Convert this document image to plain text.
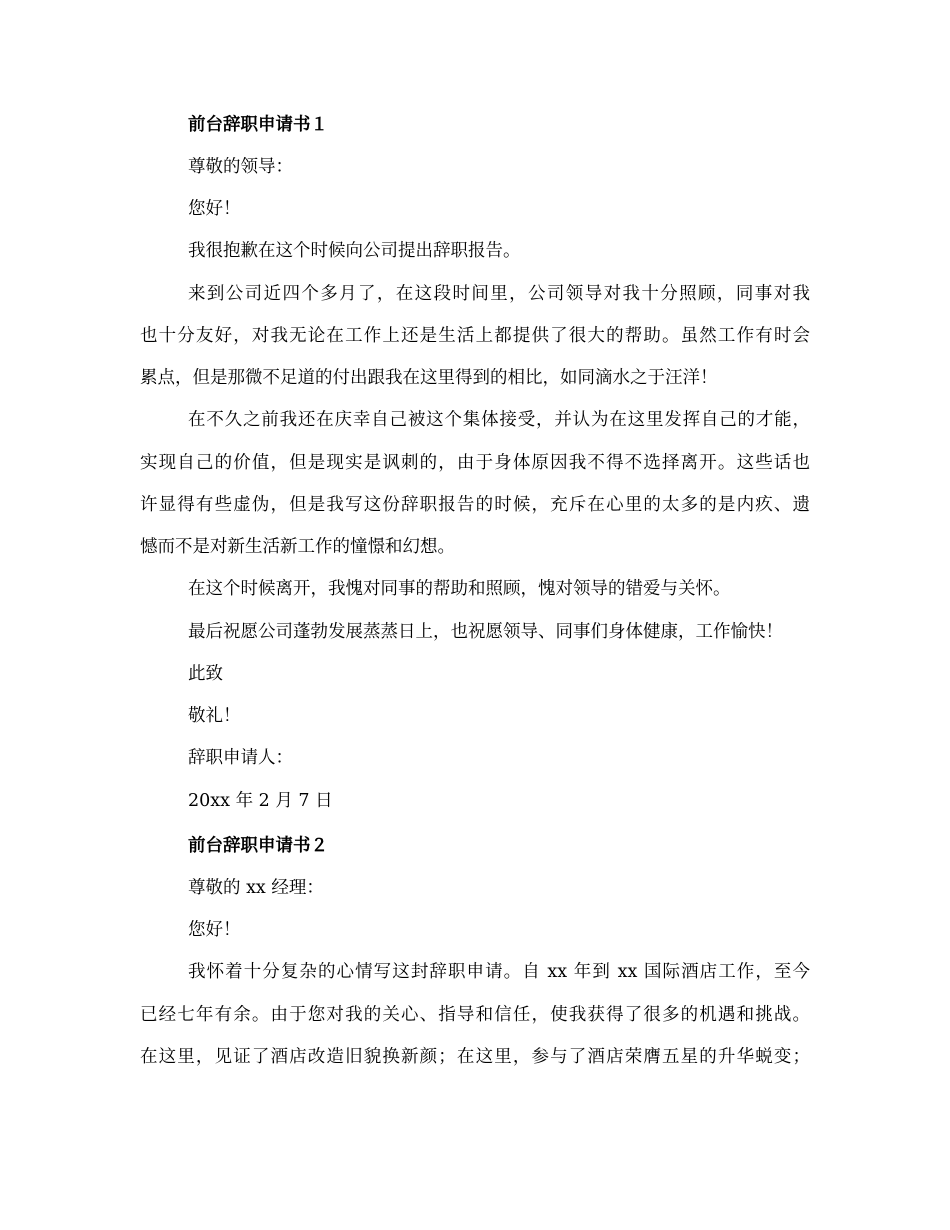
前台辞职申请书１
尊敬的领导：
您好！
我很抱歉在这个时候向公司提出辞职报告。
来到公司近四个多月了，在这段时间里，公司领导对我十分照顾，同事对我
也十分友好，对我无论在工作上还是生活上都提供了很大的帮助。虽然工作有时会
累点，但是那微不足道的付出跟我在这里得到的相比，如同滴水之于汪洋！
在不久之前我还在庆幸自己被这个集体接受，并认为在这里发挥自己的才能，
实现自己的价值，但是现实是讽刺的，由于身体原因我不得不选择离开。这些话也
许显得有些虚伪，但是我写这份辞职报告的时候，充斥在心里的太多的是内疚、遗
憾而不是对新生活新工作的憧憬和幻想。
在这个时候离开，我愧对同事的帮助和照顾，愧对领导的错爱与关怀。
最后祝愿公司蓬勃发展蒸蒸日上，也祝愿领导、同事们身体健康，工作愉快！
此致
敬礼！
辞职申请人：
20xx 年 2 月 7 日
前台辞职申请书２
尊敬的 xx 经理：
您好！
我怀着十分复杂的心情写这封辞职申请。自 xx 年到 xx 国际酒店工作，至今
已经七年有余。由于您对我的关心、指导和信任，使我获得了很多的机遇和挑战。
在这里，见证了酒店改造旧貌换新颜；在这里，参与了酒店荣膺五星的升华蜕变；
